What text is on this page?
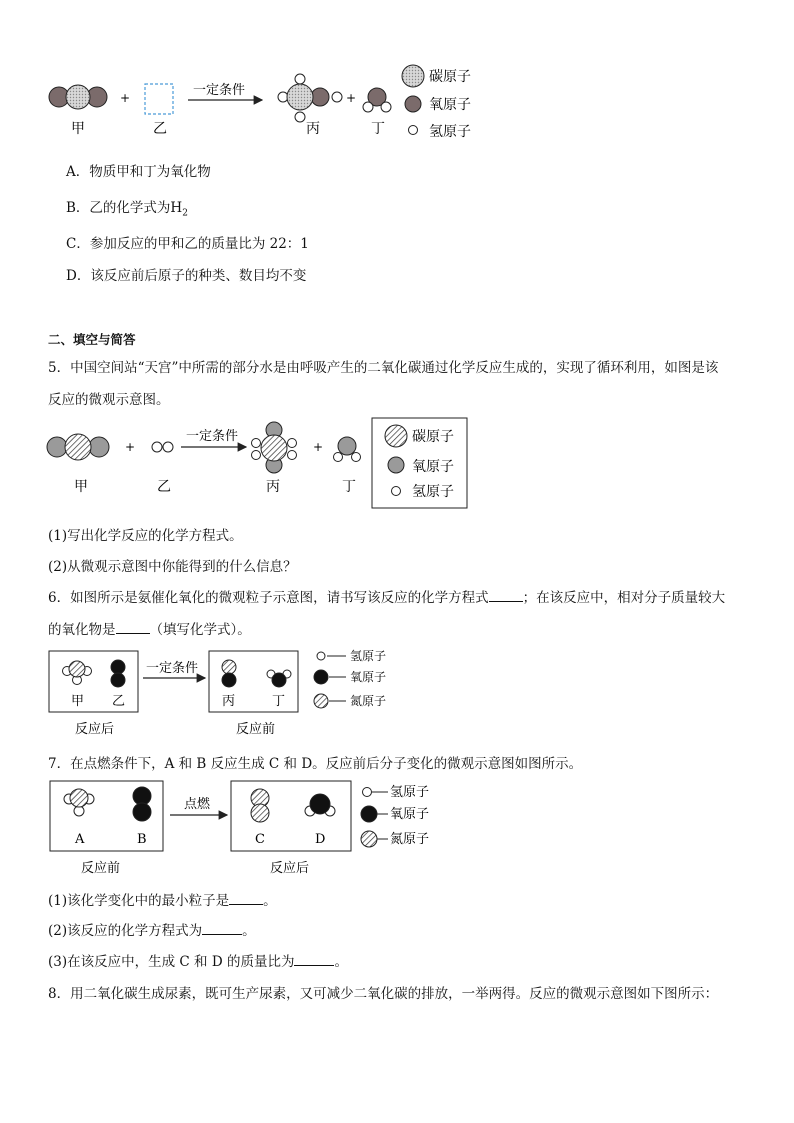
+	一定条件	+
甲	乙	丙	丁
碳原子
氧原子
氢原子
A．物质甲和丁为氧化物
B．乙的化学式为$H_2$
C．参加反应的甲和乙的质量比为 22：1
D．该反应前后原子的种类、数目均不变
二、填空与简答
5．中国空间站“天宫”中所需的部分水是由呼吸产生的二氧化碳通过化学反应生成的，实现了循环利用，如图是该
反应的微观示意图。
+
一定条件
+
甲	乙	丙	丁
碳原子
氧原子
氢原子
(1)写出化学反应的化学方程式。
(2)从微观示意图中你能得到的什么信息？
6．如图所示是氨催化氧化的微观粒子示意图，请书写该反应的化学方程式	；在该反应中，相对分子质量较大
的氧化物是	（填写化学式）。
甲 乙
一定条件
丙	丁
反应后	反应前
氢原子
氧原子
氮原子
7．在点燃条件下，A 和 B 反应生成 C 和 D。反应前后分子变化的微观示意图如图所示。
A	B
点燃
C	D
反应前	反应后
氢原子
氧原子
氮原子
(1)该化学变化中的最小粒子是	。
(2)该反应的化学方程式为	。
(3)在该反应中，生成 C 和 D 的质量比为	。
8．用二氧化碳生成尿素，既可生产尿素，又可减少二氧化碳的排放，一举两得。反应的微观示意图如下图所示：
